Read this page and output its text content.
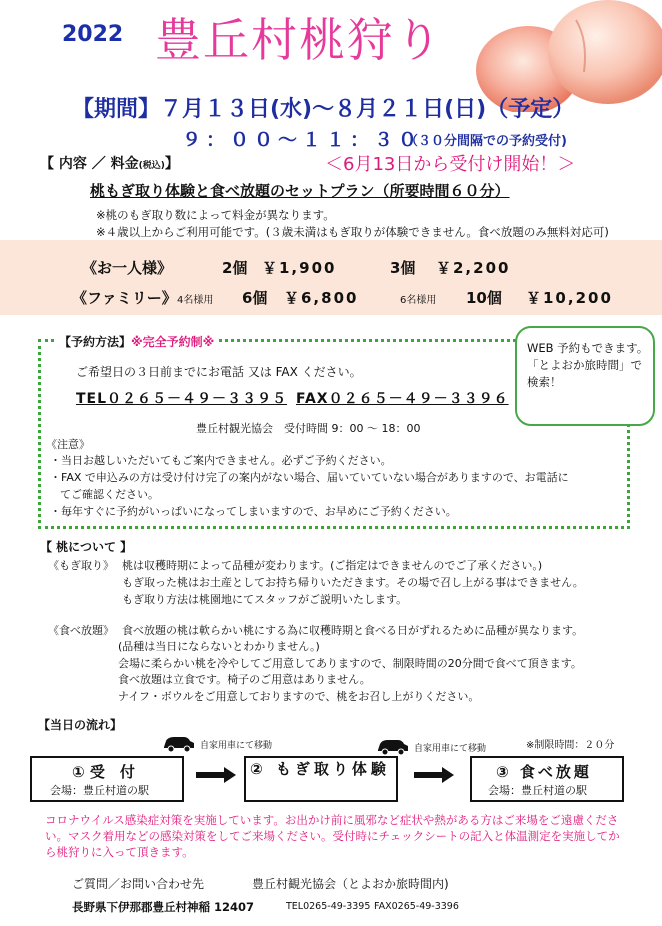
2022 豊丘村桃狩り
【期間】７月１３日(水)～８月２１日(日)（予定）
９：００～１１：３０
（３０分間隔での予約受付)
【 内容 ／ 料金(税込)】	＜6月13日から受付け開始！＞
桃もぎ取り体験と食べ放題のセットプラン（所要時間６０分）
※桃のもぎ取り数によって料金が異なります。
※４歳以上からご利用可能です。(３歳未満はもぎ取りが体験できません。食べ放題のみ無料対応可)
《お一人様》	2個 ￥1,900	3個 ￥2,200
《ファミリー》 4名様用 6個 ￥6,800	6名様用 10個 ￥10,200
【予約方法】※完全予約制※
ご希望日の３日前までにお電話 又は FAX ください。
TEL０２６５－４９－３３９５ FAX０２６５－４９－３３９６
豊丘村観光協会　受付時間 9：00 ～ 18：00
《注意》
・当日お越しいただいてもご案内できません。必ずご予約ください。
・FAX で申込みの方は受け付け完了の案内がない場合、届いていていない場合がありますので、お電話に
てご確認ください。
・毎年すぐに予約がいっぱいになってしまいますので、お早めにご予約ください。
WEB 予約もできます。「とよおか旅時間」で検索！
【 桃について 】
《もぎ取り》 桃は収穫時期によって品種が変わります。(ご指定はできませんのでご了承ください。)
もぎ取った桃はお土産としてお持ち帰りいただきます。その場で召し上がる事はできません。
もぎ取り方法は桃園地にてスタッフがご説明いたします。
《食べ放題》 食べ放題の桃は軟らかい桃にする為に収穫時期と食べる日がずれるために品種が異なります。
(品種は当日にならないとわかりません。)
会場に柔らかい桃を冷やしてご用意してありますので、制限時間の20分間で食べて頂きます。
食べ放題は立食です。椅子のご用意はありません。
ナイフ・ボウルをご用意しておりますので、桃をお召し上がりください。
【当日の流れ】
自家用車にて移動	自家用車にて移動	※制限時間：２０分
① 受　付
会場：豊丘村道の駅
② もぎ取り体験	③ 食べ放題
会場：豊丘村道の駅
コロナウイルス感染症対策を実施しています。お出かけ前に風邪など症状や熱がある方はご来場をご遠慮ください。マスク着用などの感染対策をしてご来場ください。受付時にチェックシートの記入と体温測定を実施してから桃狩りに入って頂きます。
ご質問／お問い合わせ先	豊丘村観光協会（とよおか旅時間内)
長野県下伊那郡豊丘村神稲 12407	TEL0265-49-3395 FAX0265-49-3396
